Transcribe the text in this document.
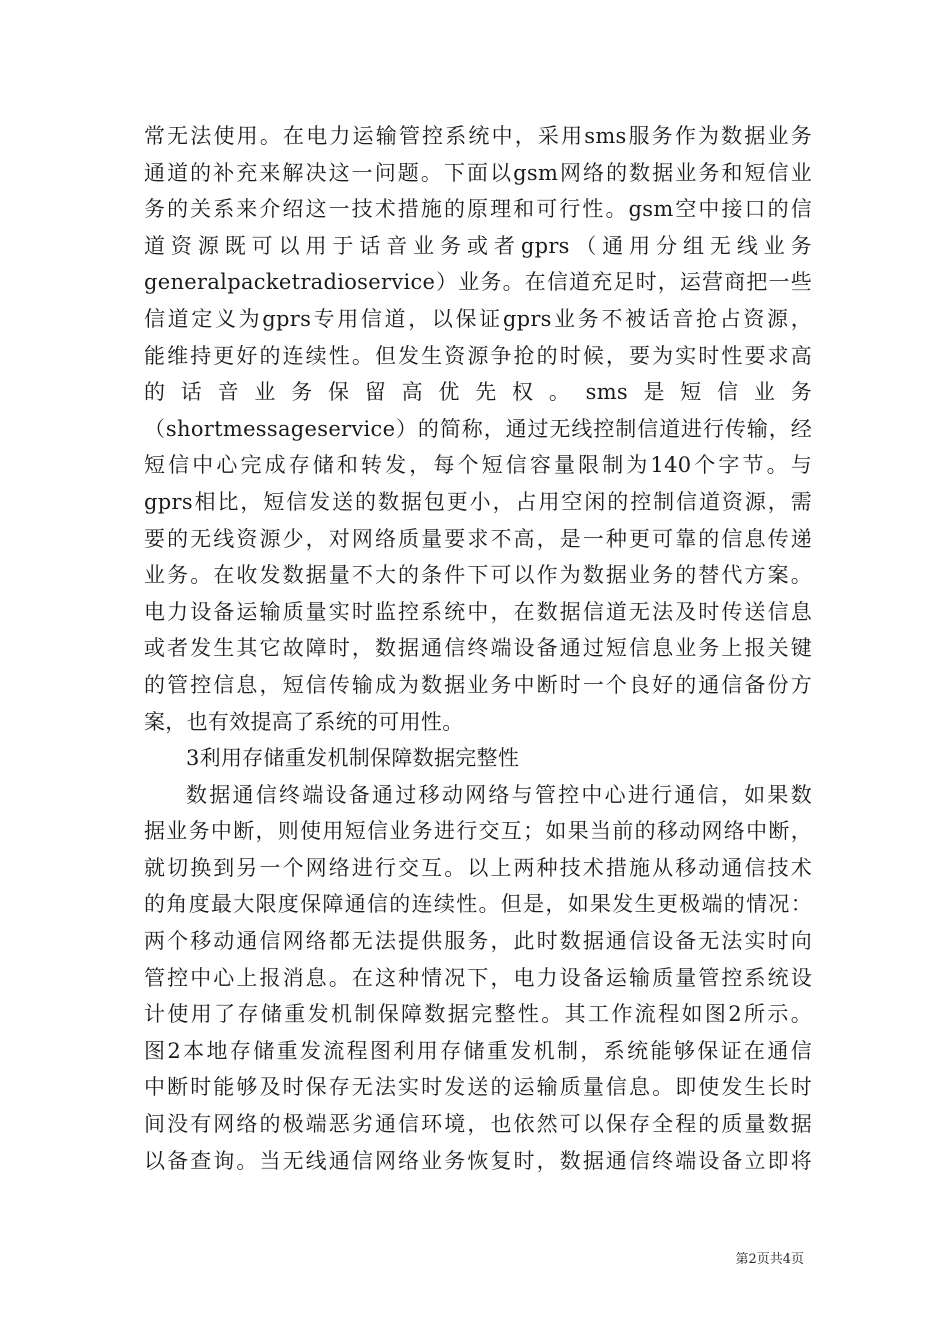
常无法使用。在电力运输管控系统中，采用sms服务作为数据业务
通道的补充来解决这一问题。下面以gsm网络的数据业务和短信业
务的关系来介绍这一技术措施的原理和可行性。gsm空中接口的信
道资源既可以用于话音业务或者gprs（通用分组无线业务
generalpacketradioservice）业务。在信道充足时，运营商把一些
信道定义为gprs专用信道，以保证gprs业务不被话音抢占资源，
能维持更好的连续性。但发生资源争抢的时候，要为实时性要求高
的话音业务保留高优先权。sms是短信业务
（shortmessageservice）的简称，通过无线控制信道进行传输，经
短信中心完成存储和转发，每个短信容量限制为140个字节。与
gprs相比，短信发送的数据包更小，占用空闲的控制信道资源，需
要的无线资源少，对网络质量要求不高，是一种更可靠的信息传递
业务。在收发数据量不大的条件下可以作为数据业务的替代方案。
电力设备运输质量实时监控系统中，在数据信道无法及时传送信息
或者发生其它故障时，数据通信终端设备通过短信息业务上报关键
的管控信息，短信传输成为数据业务中断时一个良好的通信备份方
案，也有效提高了系统的可用性。
3利用存储重发机制保障数据完整性
数据通信终端设备通过移动网络与管控中心进行通信，如果数
据业务中断，则使用短信业务进行交互；如果当前的移动网络中断，
就切换到另一个网络进行交互。以上两种技术措施从移动通信技术
的角度最大限度保障通信的连续性。但是，如果发生更极端的情况：
两个移动通信网络都无法提供服务，此时数据通信设备无法实时向
管控中心上报消息。在这种情况下，电力设备运输质量管控系统设
计使用了存储重发机制保障数据完整性。其工作流程如图2所示。
图2本地存储重发流程图利用存储重发机制，系统能够保证在通信
中断时能够及时保存无法实时发送的运输质量信息。即使发生长时
间没有网络的极端恶劣通信环境，也依然可以保存全程的质量数据
以备查询。当无线通信网络业务恢复时，数据通信终端设备立即将
第2页共4页
